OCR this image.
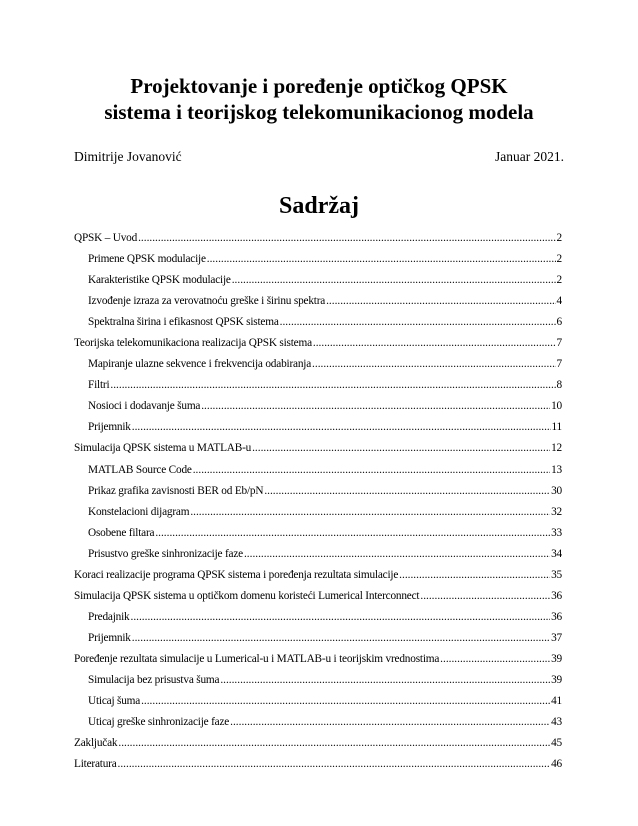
Projektovanje i poređenje optičkog QPSK
sistema i teorijskog telekomunikacionog modela
Dimitrije Jovanović	Januar 2021.
Sadržaj
QPSK – Uvod .....	2
Primene QPSK modulacije .....	2
Karakteristike QPSK modulacije .....	2
Izvođenje izraza za verovatnoću greške i širinu spektra .....	4
Spektralna širina i efikasnost QPSK sistema .....	6
Teorijska telekomunikaciona realizacija QPSK sistema .....	7
Mapiranje ulazne sekvence i frekvencija odabiranja .....	7
Filtri .....	8
Nosioci i dodavanje šuma .....	10
Prijemnik .....	11
Simulacija QPSK sistema u MATLAB-u .....	12
MATLAB Source Code .....	13
Prikaz grafika zavisnosti BER od Eb/pN .....	30
Konstelacioni dijagram .....	32
Osobene filtara .....	33
Prisustvo greške sinhronizacije faze .....	34
Koraci realizacije programa QPSK sistema i poređenja rezultata simulacije .....	35
Simulacija QPSK sistema u optičkom domenu koristeći Lumerical Interconnect .....	36
Predajnik .....	36
Prijemnik .....	37
Poređenje rezultata simulacije u Lumerical-u i MATLAB-u i teorijskim vrednostima .....	39
Simulacija bez prisustva šuma .....	39
Uticaj šuma .....	41
Uticaj greške sinhronizacije faze .....	43
Zaključak .....	45
Literatura .....	46
